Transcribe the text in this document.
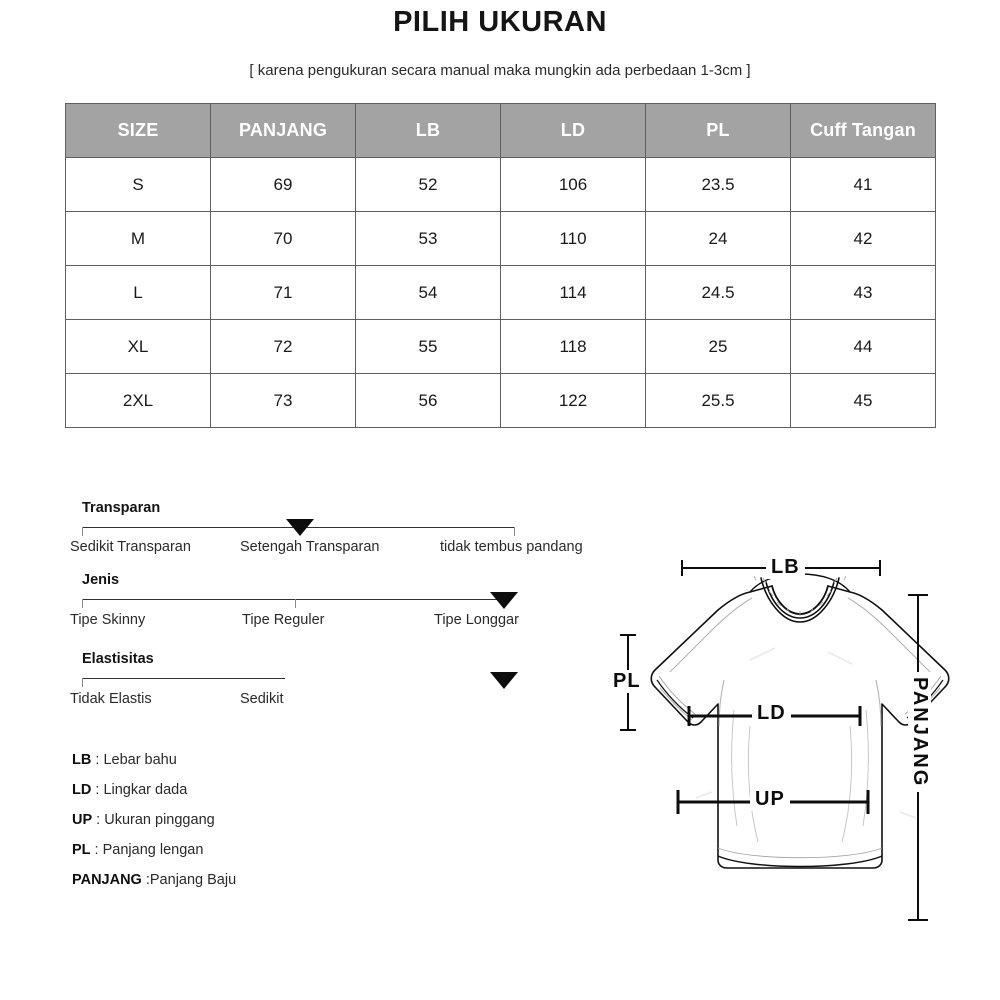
PILIH UKURAN
[ karena pengukuran secara manual maka mungkin ada perbedaan 1-3cm ]
SIZE	PANJANG	LB	LD	PL	Cuff Tangan
S	69	52	106	23.5	41
M	70	53	110	24	42
L	71	54	114	24.5	43
XL	72	55	118	25	44
2XL	73	56	122	25.5	45
Transparan
Sedikit Transparan	Setengah Transparan	tidak tembus pandang
Jenis
Tipe Skinny	Tipe Reguler	Tipe Longgar
Elastisitas
Tidak Elastis	Sedikit
LB : Lebar bahu
LD : Lingkar dada
UP : Ukuran pinggang
PL : Panjang lengan
PANJANG :Panjang Baju
LB
PL
LD
UP
PANJANG
